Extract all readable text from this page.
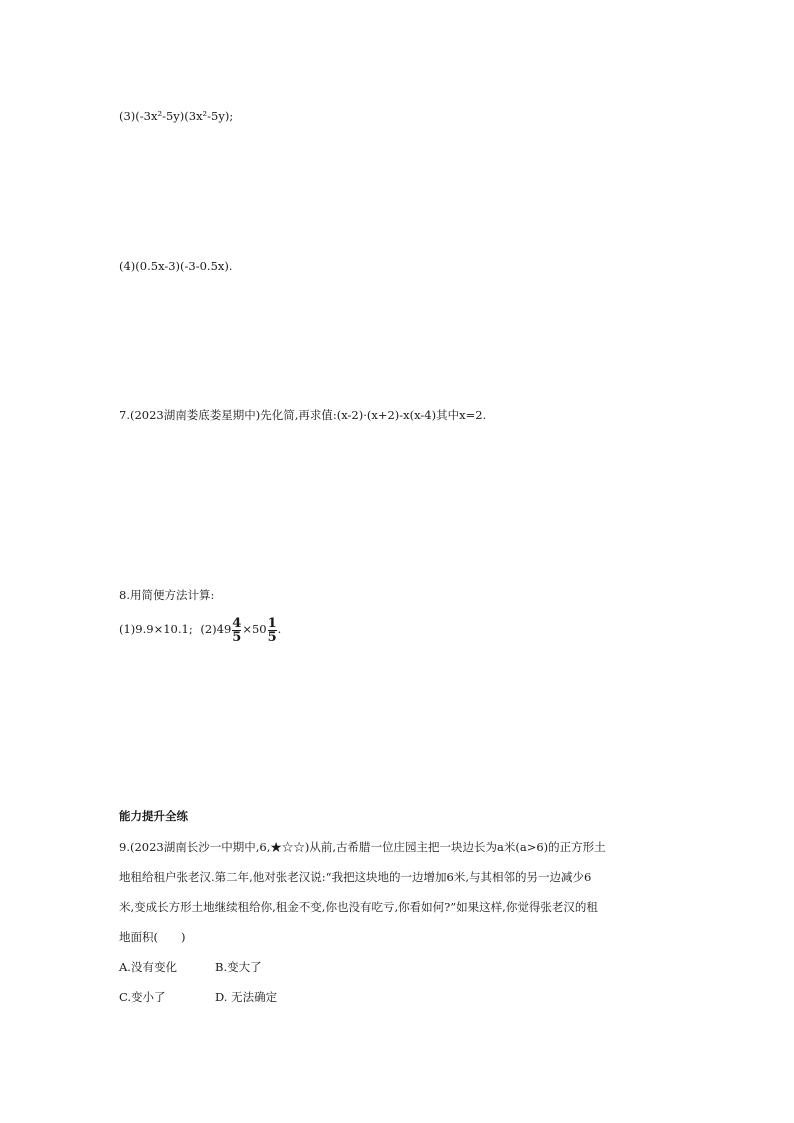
(3)(-3x²-5y)(3x²-5y);
(4)(0.5x-3)(-3-0.5x).
7.(2023湖南娄底娄星期中)先化简,再求值:(x-2)·(x+2)-x(x-4)其中x=2.
8.用简便方法计算:
(1)9.9×10.1; $(2)49 \frac{4}{5} \times 50 \frac{1}{5}$ .
能力提升全练
9.(2023湖南长沙一中期中,6,★☆☆)从前,古希腊一位庄园主把一块边长为a米(a>6)的正方形土
地租给租户张老汉.第二年,他对张老汉说:“我把这块地的一边增加6米,与其相邻的另一边减少6
米,变成长方形土地继续租给你,租金不变,你也没有吃亏,你看如何?”如果这样,你觉得张老汉的租
地面积(　　)
A.没有变化	B.变大了
C.变小了	D. 无法确定
